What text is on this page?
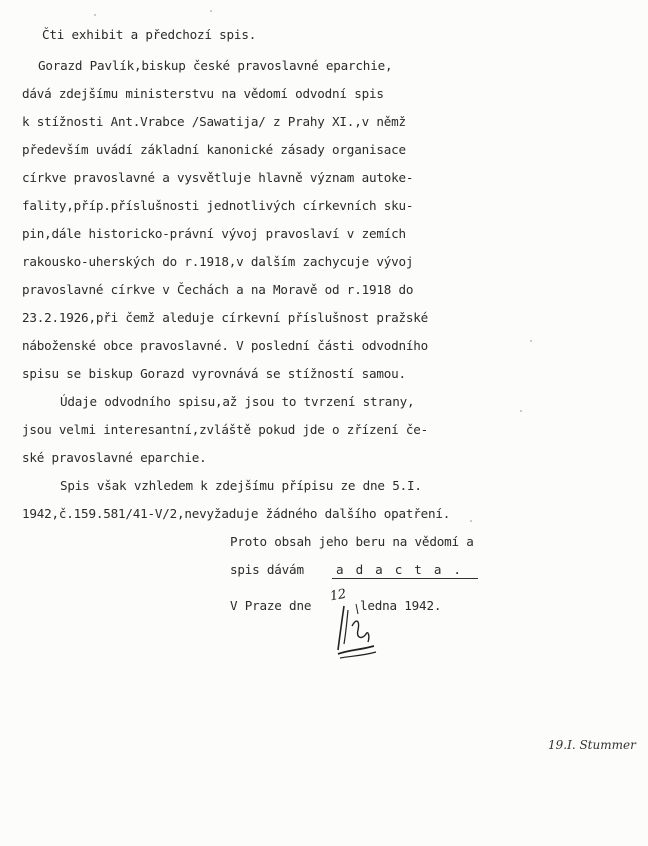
Čti exhibit a předchozí spis.
Gorazd Pavlík,biskup české pravoslavné eparchie,
dává zdejšímu ministerstvu na vědomí odvodní spis
k stížnosti Ant.Vrabce /Sawatija/ z Prahy XI.,v němž
především uvádí základní kanonické zásady organisace
církve pravoslavné a vysvětluje hlavně význam autoke-
fality,příp.příslušnosti jednotlivých církevních sku-
pin,dále historicko-právní vývoj pravoslaví v zemích
rakousko-uherských do r.1918,v dalším zachycuje vývoj
pravoslavné církve v Čechách a na Moravě od r.1918 do
23.2.1926,při čemž aleduje církevní příslušnost pražské
náboženské obce pravoslavné. V poslední části odvodního
spisu se biskup Gorazd vyrovnává se stížností samou.
Údaje odvodního spisu,až jsou to tvrzení strany,
jsou velmi interesantní,zvláště pokud jde o zřízení če-
ské pravoslavné eparchie.
Spis však vzhledem k zdejšímu přípisu ze dne 5.I.
1942,č.159.581/41-V/2,nevyžaduje žádného dalšího opatření.
Proto obsah jeho beru na vědomí a
spis dávám	a d a c t a .
V Praze dne	ledna 1942.
12
19.I. Stummer
